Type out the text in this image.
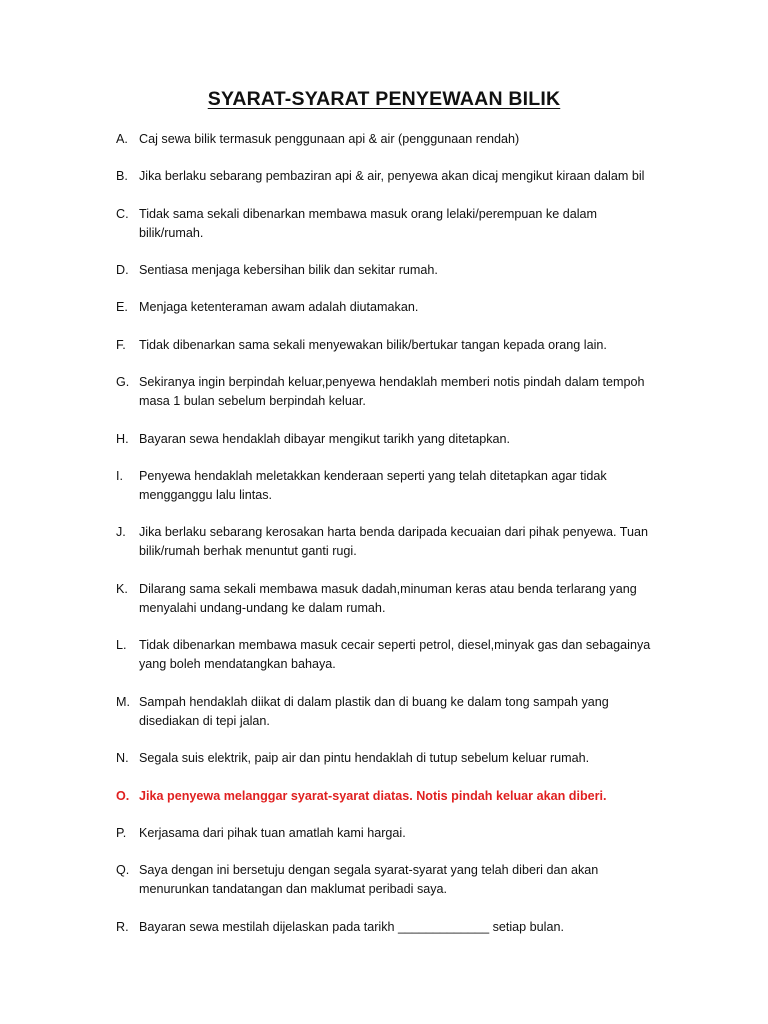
SYARAT-SYARAT PENYEWAAN BILIK
A. Caj sewa bilik termasuk penggunaan api & air (penggunaan rendah)
B. Jika berlaku sebarang pembaziran api & air, penyewa akan dicaj mengikut kiraan dalam bil
C. Tidak sama sekali dibenarkan membawa masuk orang lelaki/perempuan ke dalam
bilik/rumah.
D. Sentiasa menjaga kebersihan bilik dan sekitar rumah.
E. Menjaga ketenteraman awam adalah diutamakan.
F.	Tidak dibenarkan sama sekali menyewakan bilik/bertukar tangan kepada orang lain.
G. Sekiranya ingin berpindah keluar,penyewa hendaklah memberi notis pindah dalam tempoh
masa 1 bulan sebelum berpindah keluar.
H. Bayaran sewa hendaklah dibayar mengikut tarikh yang ditetapkan.
I.	Penyewa hendaklah meletakkan kenderaan seperti yang telah ditetapkan agar tidak
mengganggu lalu lintas.
J.	Jika berlaku sebarang kerosakan harta benda daripada kecuaian dari pihak penyewa. Tuan
bilik/rumah berhak menuntut ganti rugi.
K. Dilarang sama sekali membawa masuk dadah,minuman keras atau benda terlarang yang
menyalahi undang-undang ke dalam rumah.
L. Tidak dibenarkan membawa masuk cecair seperti petrol, diesel,minyak gas dan sebagainya
yang boleh mendatangkan bahaya.
M. Sampah hendaklah diikat di dalam plastik dan di buang ke dalam tong sampah yang
disediakan di tepi jalan.
N. Segala suis elektrik, paip air dan pintu hendaklah di tutup sebelum keluar rumah.
O. Jika penyewa melanggar syarat-syarat diatas. Notis pindah keluar akan diberi.
P.	Kerjasama dari pihak tuan amatlah kami hargai.
Q. Saya dengan ini bersetuju dengan segala syarat-syarat yang telah diberi dan akan
menurunkan tandatangan dan maklumat peribadi saya.
R. Bayaran sewa mestilah dijelaskan pada tarikh _____________ setiap bulan.
